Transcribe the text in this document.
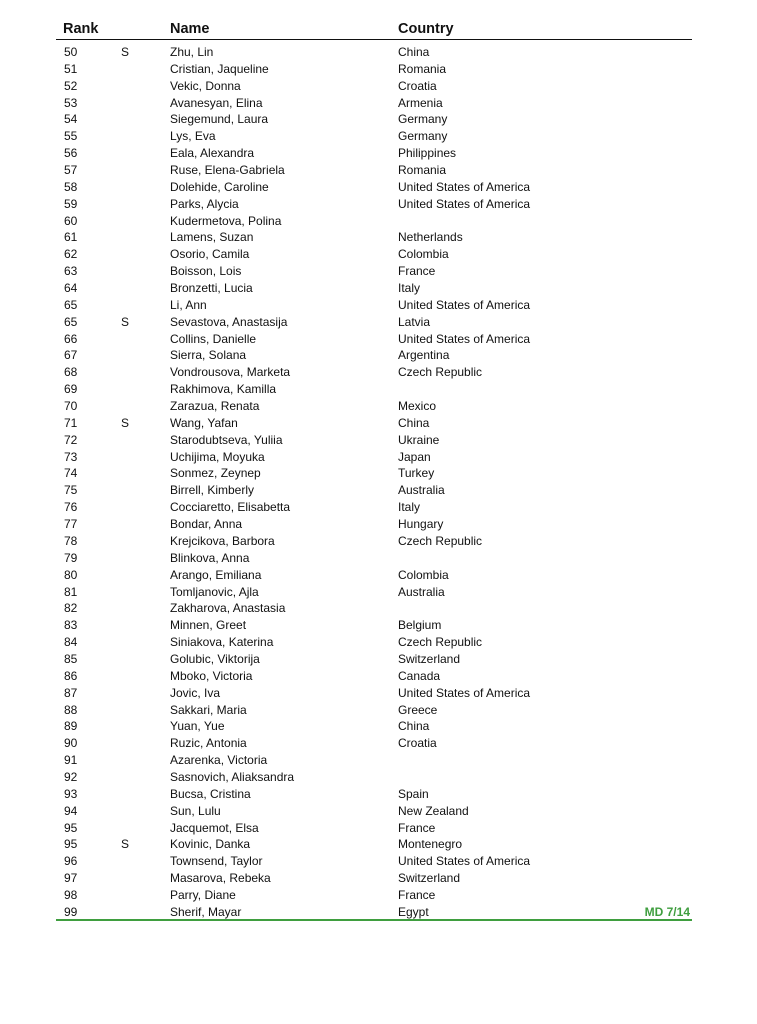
Rank	Name	Country
50	S	Zhu, Lin	China
51	Cristian, Jaqueline	Romania
52	Vekic, Donna	Croatia
53	Avanesyan, Elina	Armenia
54	Siegemund, Laura	Germany
55	Lys, Eva	Germany
56	Eala, Alexandra	Philippines
57	Ruse, Elena-Gabriela	Romania
58	Dolehide, Caroline	United States of America
59	Parks, Alycia	United States of America
60	Kudermetova, Polina
61	Lamens, Suzan	Netherlands
62	Osorio, Camila	Colombia
63	Boisson, Lois	France
64	Bronzetti, Lucia	Italy
65	Li, Ann	United States of America
65	S	Sevastova, Anastasija	Latvia
66	Collins, Danielle	United States of America
67	Sierra, Solana	Argentina
68	Vondrousova, Marketa	Czech Republic
69	Rakhimova, Kamilla
70	Zarazua, Renata	Mexico
71	S	Wang, Yafan	China
72	Starodubtseva, Yuliia	Ukraine
73	Uchijima, Moyuka	Japan
74	Sonmez, Zeynep	Turkey
75	Birrell, Kimberly	Australia
76	Cocciaretto, Elisabetta	Italy
77	Bondar, Anna	Hungary
78	Krejcikova, Barbora	Czech Republic
79	Blinkova, Anna
80	Arango, Emiliana	Colombia
81	Tomljanovic, Ajla	Australia
82	Zakharova, Anastasia
83	Minnen, Greet	Belgium
84	Siniakova, Katerina	Czech Republic
85	Golubic, Viktorija	Switzerland
86	Mboko, Victoria	Canada
87	Jovic, Iva	United States of America
88	Sakkari, Maria	Greece
89	Yuan, Yue	China
90	Ruzic, Antonia	Croatia
91	Azarenka, Victoria
92	Sasnovich, Aliaksandra
93	Bucsa, Cristina	Spain
94	Sun, Lulu	New Zealand
95	Jacquemot, Elsa	France
95	S	Kovinic, Danka	Montenegro
96	Townsend, Taylor	United States of America
97	Masarova, Rebeka	Switzerland
98	Parry, Diane	France
99	Sherif, Mayar	Egypt	MD 7/14
